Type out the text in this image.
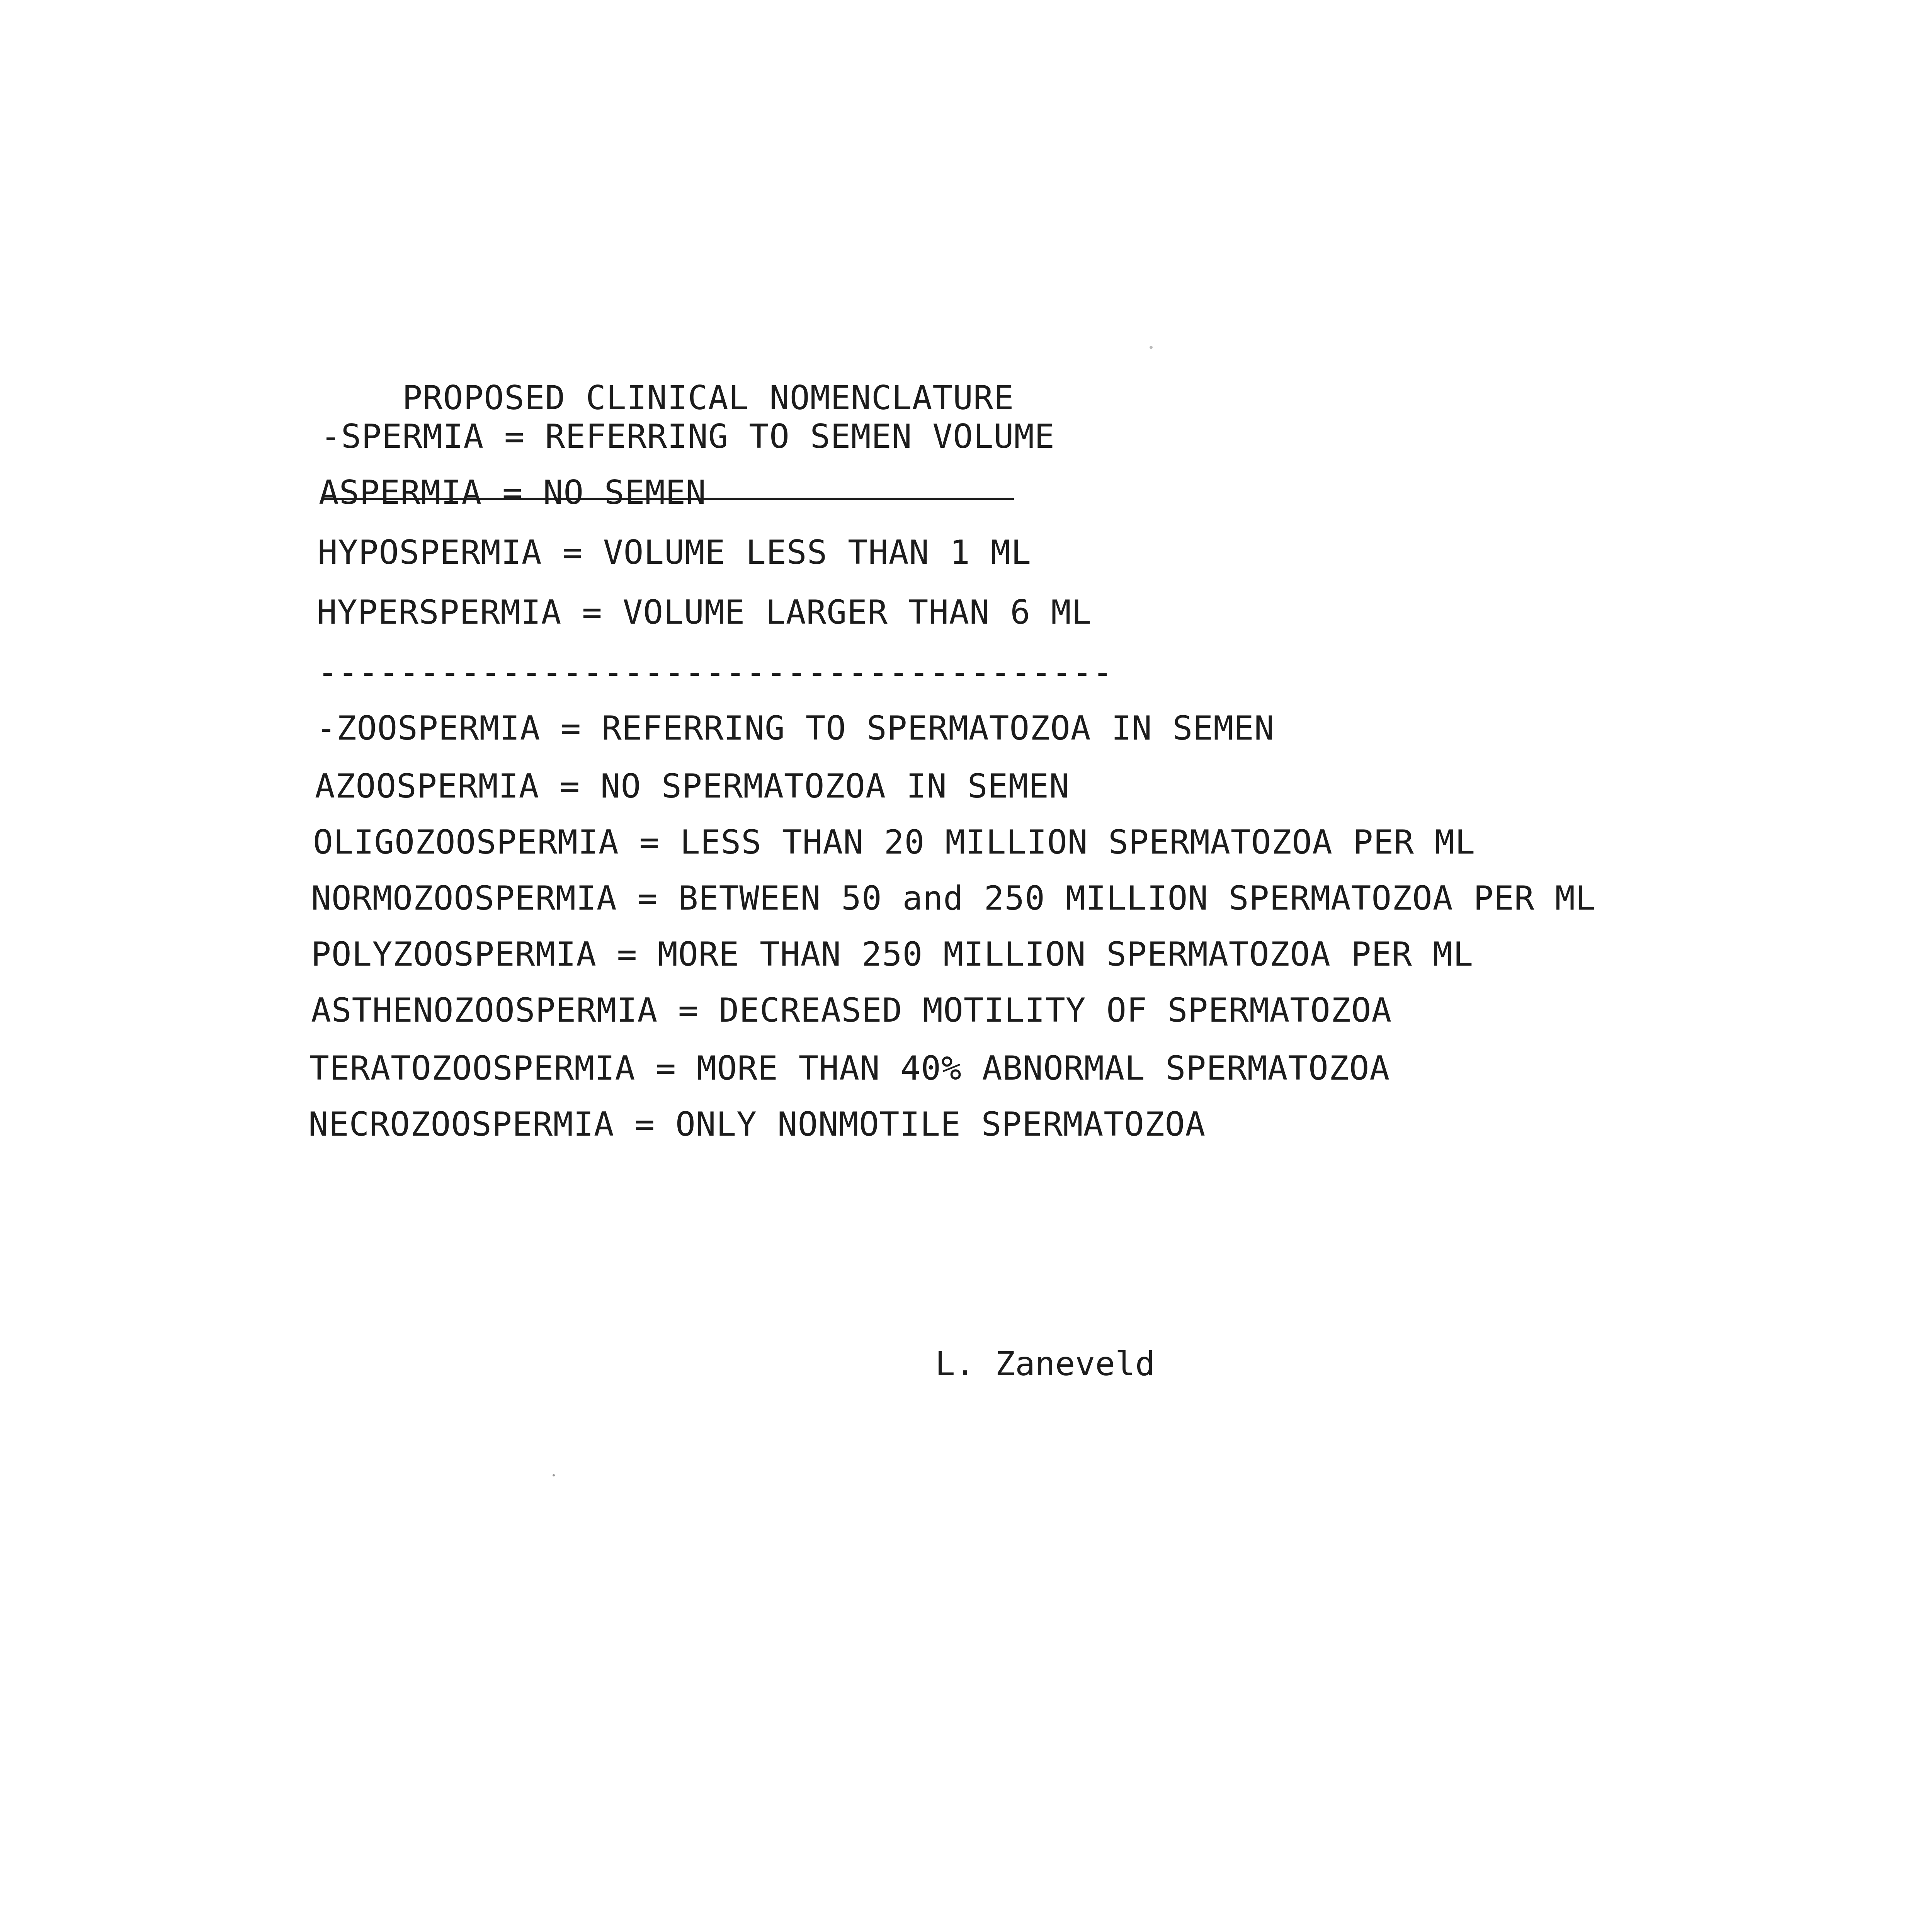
PROPOSED CLINICAL NOMENCLATURE

-SPERMIA = REFERRING TO SEMEN VOLUME
ASPERMIA = NO SEMEN
HYPOSPERMIA = VOLUME LESS THAN 1 ML
HYPERSPERMIA = VOLUME LARGER THAN 6 ML
---------------------------------------
-ZOOSPERMIA = REFERRING TO SPERMATOZOA IN SEMEN
AZOOSPERMIA = NO SPERMATOZOA IN SEMEN
OLIGOZOOSPERMIA = LESS THAN 20 MILLION SPERMATOZOA PER ML
NORMOZOOSPERMIA = BETWEEN 50 and 250 MILLION SPERMATOZOA PER ML
POLYZOOSPERMIA = MORE THAN 250 MILLION SPERMATOZOA PER ML
ASTHENOZOOSPERMIA = DECREASED MOTILITY OF SPERMATOZOA
TERATOZOOSPERMIA = MORE THAN 40% ABNORMAL SPERMATOZOA
NECROZOOSPERMIA = ONLY NONMOTILE SPERMATOZOA
L. Zaneveld
